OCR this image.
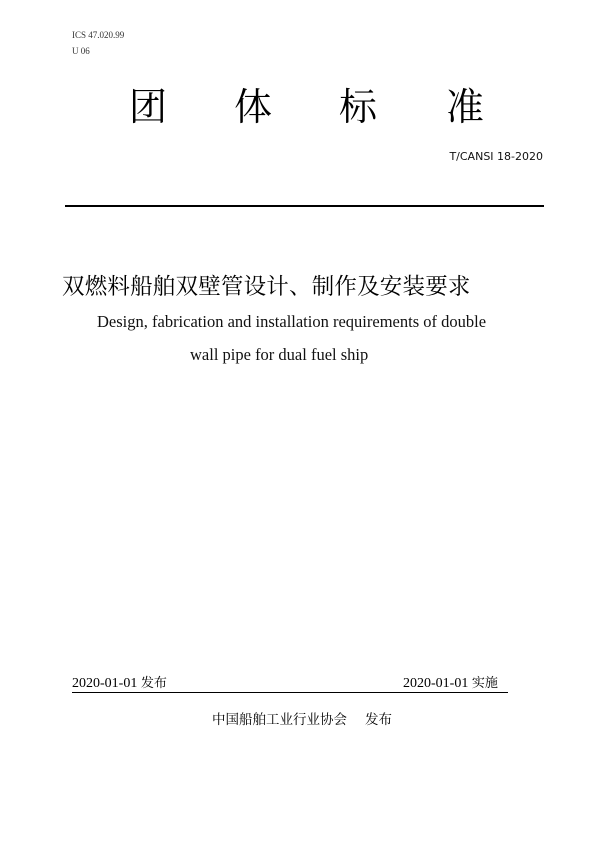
ICS 47.020.99
U 06
团 体 标 准
T/CANSI 18-2020
双燃料船舶双壁管设计、制作及安装要求
Design, fabrication and installation requirements of double
wall pipe for dual fuel ship
2020-01-01 发布	2020-01-01 实施
中国船舶工业行业协会 发布
